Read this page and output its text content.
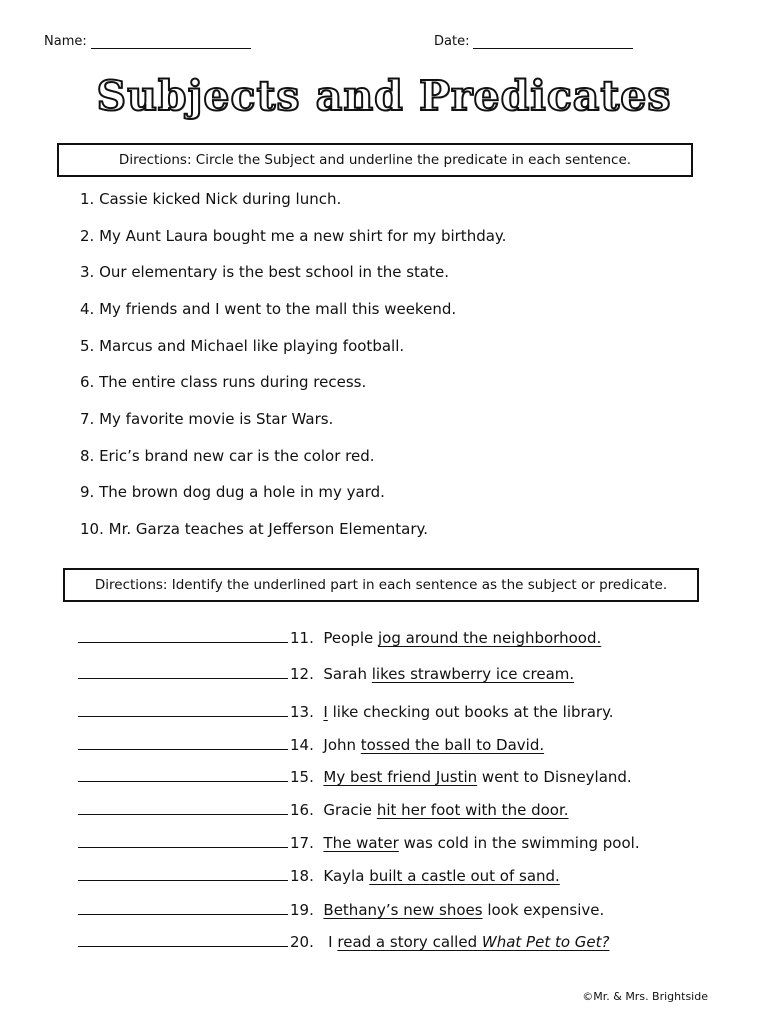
Name:	Date:
Subjects and Predicates
Directions: Circle the Subject and underline the predicate in each sentence.
1. Cassie kicked Nick during lunch.
2. My Aunt Laura bought me a new shirt for my birthday.
3. Our elementary is the best school in the state.
4. My friends and I went to the mall this weekend.
5. Marcus and Michael like playing football.
6. The entire class runs during recess.
7. My favorite movie is Star Wars.
8. Eric’s brand new car is the color red.
9. The brown dog dug a hole in my yard.
10. Mr. Garza teaches at Jefferson Elementary.
Directions: Identify the underlined part in each sentence as the subject or predicate.
11. People jog around the neighborhood.
12. Sarah likes strawberry ice cream.
13. I like checking out books at the library.
14. John tossed the ball to David.
15. My best friend Justin went to Disneyland.
16. Gracie hit her foot with the door.
17. The water was cold in the swimming pool.
18. Kayla built a castle out of sand.
19. Bethany’s new shoes look expensive.
20.   I read a story called What Pet to Get?
©Mr. & Mrs. Brightside
